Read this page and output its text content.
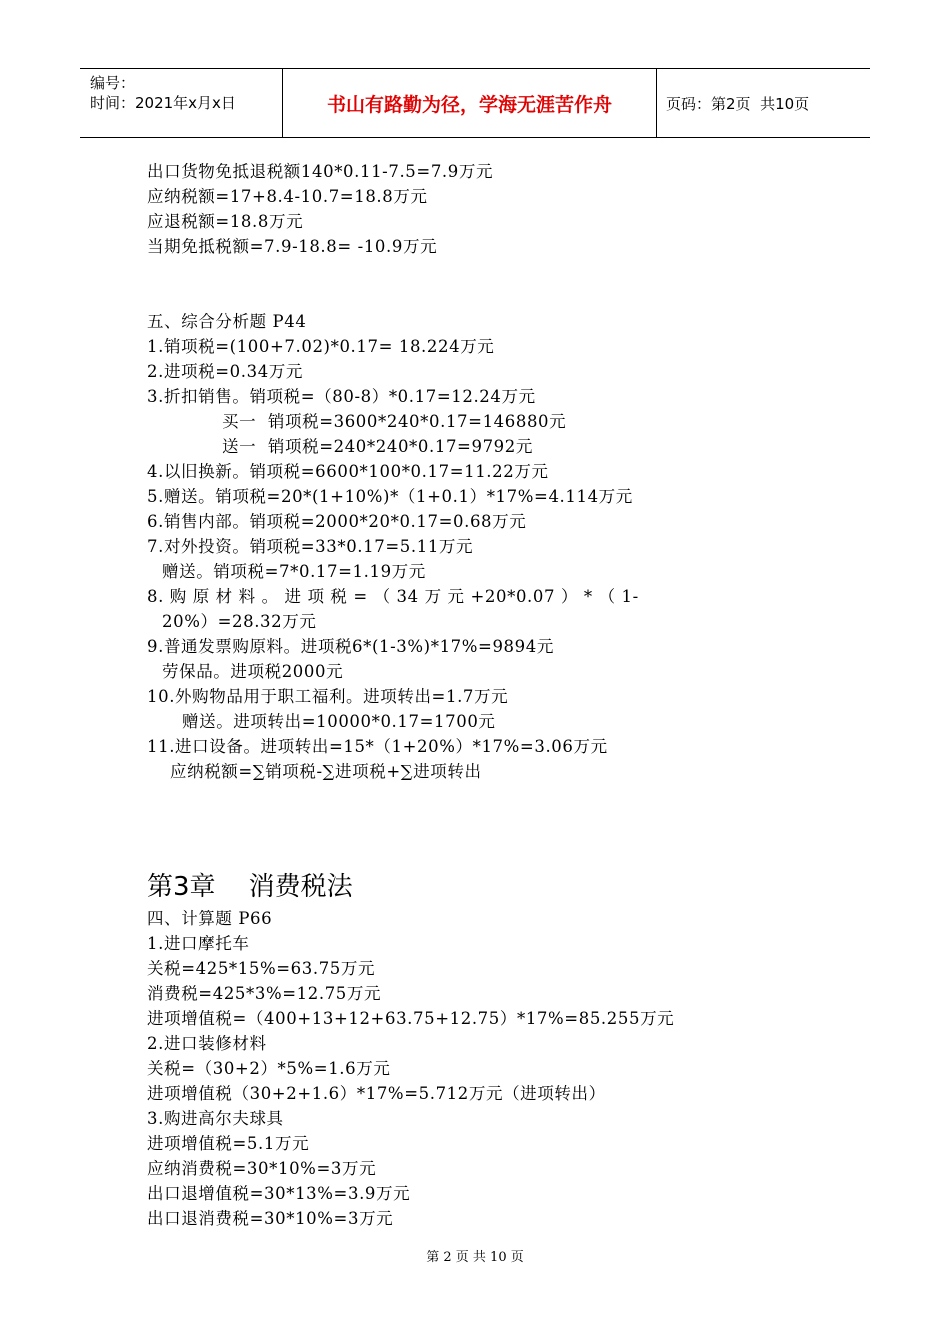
编号：
时间：2021年x月x日	书山有路勤为径，学海无涯苦作舟	页码：第2页  共10页
出口货物免抵退税额140*0.11-7.5=7.9万元
应纳税额=17+8.4-10.7=18.8万元
应退税额=18.8万元
当期免抵税额=7.9-18.8= -10.9万元
五、综合分析题 P44
1.销项税=(100+7.02)*0.17= 18.224万元
2.进项税=0.34万元
3.折扣销售。销项税=（80-8）*0.17=12.24万元
买一  销项税=3600*240*0.17=146880元
送一  销项税=240*240*0.17=9792元
4.以旧换新。销项税=6600*100*0.17=11.22万元
5.赠送。销项税=20*(1+10%)*（1+0.1）*17%=4.114万元
6.销售内部。销项税=2000*20*0.17=0.68万元
7.对外投资。销项税=33*0.17=5.11万元
赠送。销项税=7*0.17=1.19万元
8. 购 原 材 料 。 进 项 税 = （ 34 万 元 +20*0.07 ） * （ 1-
20%）=28.32万元
9.普通发票购原料。进项税6*(1-3%)*17%=9894元
劳保品。进项税2000元
10.外购物品用于职工福利。进项转出=1.7万元
赠送。进项转出=10000*0.17=1700元
11.进口设备。进项转出=15*（1+20%）*17%=3.06万元
应纳税额=∑销项税-∑进项税+∑进项转出
第3章    消费税法
四、计算题 P66
1.进口摩托车
关税=425*15%=63.75万元
消费税=425*3%=12.75万元
进项增值税=（400+13+12+63.75+12.75）*17%=85.255万元
2.进口装修材料
关税=（30+2）*5%=1.6万元
进项增值税（30+2+1.6）*17%=5.712万元（进项转出）
3.购进高尔夫球具
进项增值税=5.1万元
应纳消费税=30*10%=3万元
出口退增值税=30*13%=3.9万元
出口退消费税=30*10%=3万元
第 2 页 共 10 页
